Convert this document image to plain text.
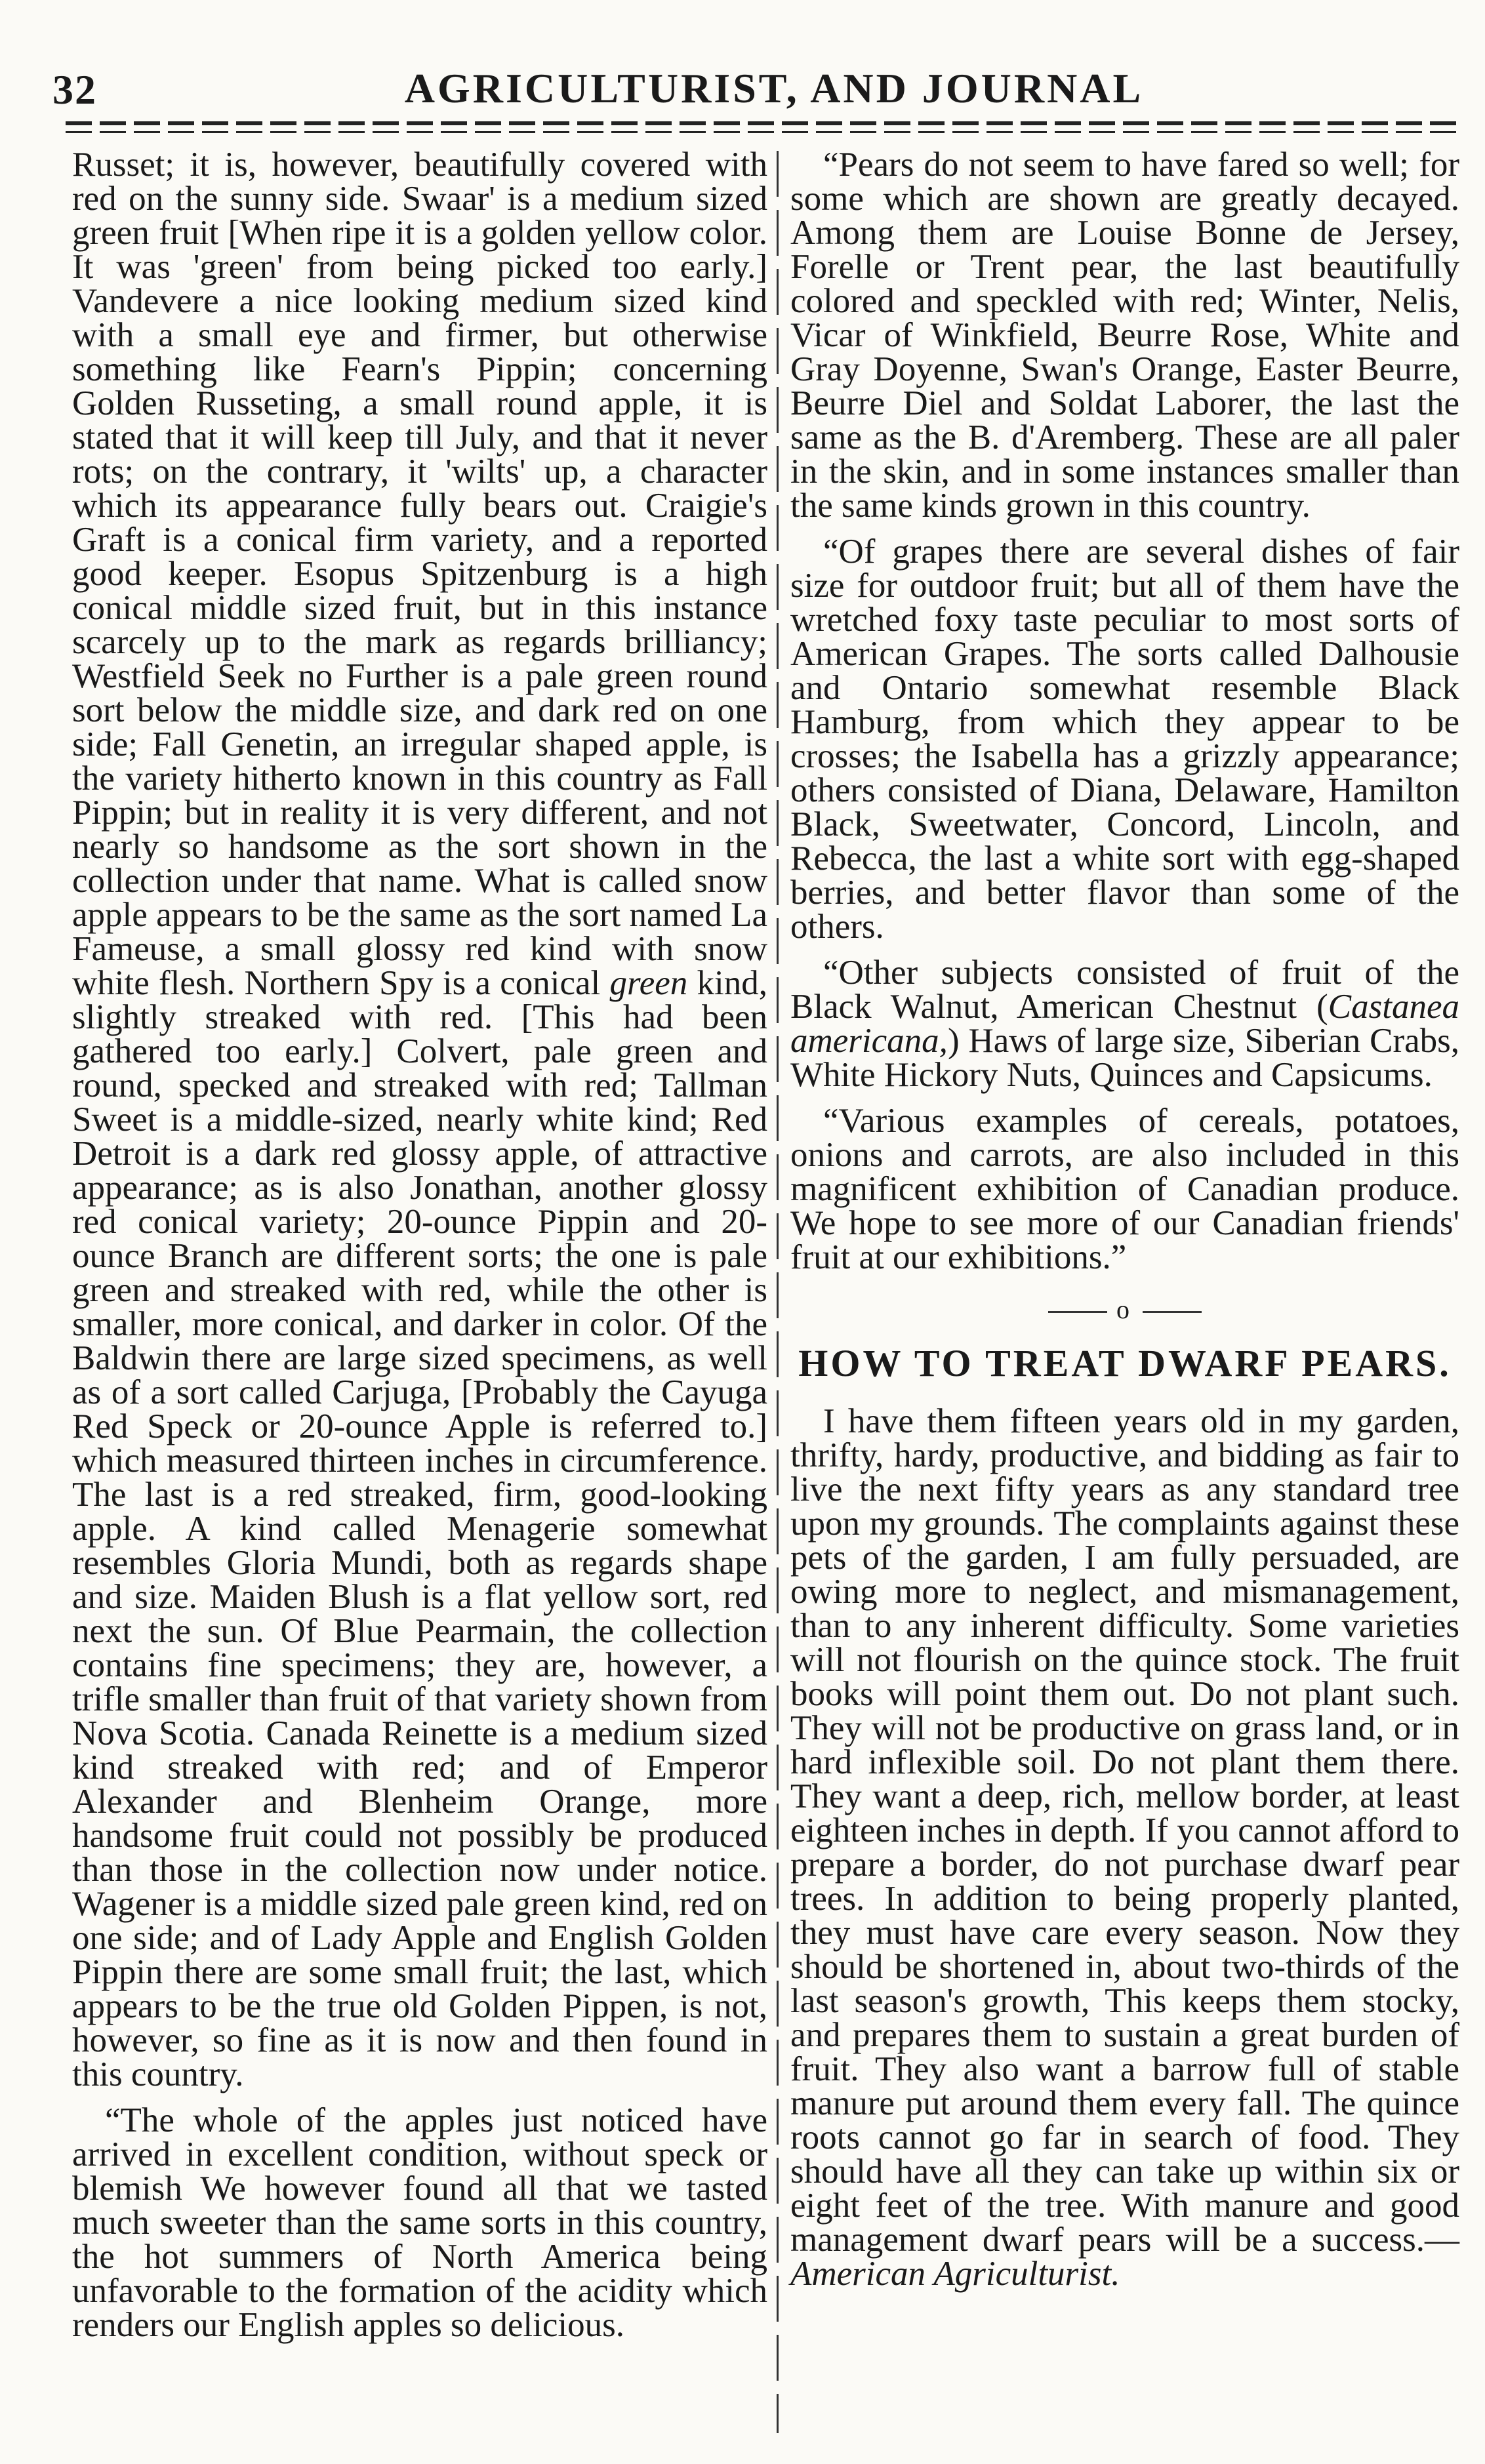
32	AGRICULTURIST, AND JOURNAL

Russet; it is, however, beautifully covered with red on the sunny side. Swaar' is a medium sized green fruit [When ripe it is a golden yellow color. It was 'green' from being picked too early.] Vandevere a nice looking medium sized kind with a small eye and firmer, but otherwise something like Fearn's Pippin; concerning Golden Russeting, a small round apple, it is stated that it will keep till July, and that it never rots; on the contrary, it 'wilts' up, a character which its appearance fully bears out. Craigie's Graft is a conical firm variety, and a reported good keeper. Esopus Spitzenburg is a high conical middle sized fruit, but in this instance scarcely up to the mark as regards brilliancy; Westfield Seek no Further is a pale green round sort below the middle size, and dark red on one side; Fall Genetin, an irregular shaped apple, is the variety hitherto known in this country as Fall Pippin; but in reality it is very different, and not nearly so handsome as the sort shown in the collection under that name. What is called snow apple appears to be the same as the sort named La Fameuse, a small glossy red kind with snow white flesh. Northern Spy is a conical green kind, slightly streaked with red. [This had been gathered too early.] Colvert, pale green and round, specked and streaked with red; Tallman Sweet is a middle-sized, nearly white kind; Red Detroit is a dark red glossy apple, of attractive appearance; as is also Jonathan, another glossy red conical variety; 20-ounce Pippin and 20-ounce Branch are different sorts; the one is pale green and streaked with red, while the other is smaller, more conical, and darker in color. Of the Baldwin there are large sized specimens, as well as of a sort called Carjuga, [Probably the Cayuga Red Speck or 20-ounce Apple is referred to.] which measured thirteen inches in circumference. The last is a red streaked, firm, good-looking apple. A kind called Menagerie somewhat resembles Gloria Mundi, both as regards shape and size. Maiden Blush is a flat yellow sort, red next the sun. Of Blue Pearmain, the collection contains fine specimens; they are, however, a trifle smaller than fruit of that variety shown from Nova Scotia. Canada Reinette is a medium sized kind streaked with red; and of Emperor Alexander and Blenheim Orange, more handsome fruit could not possibly be produced than those in the collection now under notice. Wagener is a middle sized pale green kind, red on one side; and of Lady Apple and English Golden Pippin there are some small fruit; the last, which appears to be the true old Golden Pippen, is not, however, so fine as it is now and then found in this country.

“The whole of the apples just noticed have arrived in excellent condition, without speck or blemish We however found all that we tasted much sweeter than the same sorts in this country, the hot summers of North America being unfavorable to the formation of the acidity which renders our English apples so delicious.

“Pears do not seem to have fared so well; for some which are shown are greatly decayed. Among them are Louise Bonne de Jersey, Forelle or Trent pear, the last beautifully colored and speckled with red; Winter, Nelis, Vicar of Winkfield, Beurre Rose, White and Gray Doyenne, Swan's Orange, Easter Beurre, Beurre Diel and Soldat Laborer, the last the same as the B. d'Aremberg. These are all paler in the skin, and in some instances smaller than the same kinds grown in this country.

“Of grapes there are several dishes of fair size for outdoor fruit; but all of them have the wretched foxy taste peculiar to most sorts of American Grapes. The sorts called Dalhousie and Ontario somewhat resemble Black Hamburg, from which they appear to be crosses; the Isabella has a grizzly appearance; others consisted of Diana, Delaware, Hamilton Black, Sweetwater, Concord, Lincoln, and Rebecca, the last a white sort with egg-shaped berries, and better flavor than some of the others.

“Other subjects consisted of fruit of the Black Walnut, American Chestnut (Castanea americana,) Haws of large size, Siberian Crabs, White Hickory Nuts, Quinces and Capsicums.

“Various examples of cereals, potatoes, onions and carrots, are also included in this magnificent exhibition of Canadian produce. We hope to see more of our Canadian friends' fruit at our exhibitions.”

o
HOW TO TREAT DWARF PEARS.

I have them fifteen years old in my garden, thrifty, hardy, productive, and bidding as fair to live the next fifty years as any standard tree upon my grounds. The complaints against these pets of the garden, I am fully persuaded, are owing more to neglect, and mismanagement, than to any inherent difficulty. Some varieties will not flourish on the quince stock. The fruit books will point them out. Do not plant such. They will not be productive on grass land, or in hard inflexible soil. Do not plant them there. They want a deep, rich, mellow border, at least eighteen inches in depth. If you cannot afford to prepare a border, do not purchase dwarf pear trees. In addition to being properly planted, they must have care every season. Now they should be shortened in, about two-thirds of the last season's growth, This keeps them stocky, and prepares them to sustain a great burden of fruit. They also want a barrow full of stable manure put around them every fall. The quince roots cannot go far in search of food. They should have all they can take up within six or eight feet of the tree. With manure and good management dwarf pears will be a success.—American Agriculturist.
